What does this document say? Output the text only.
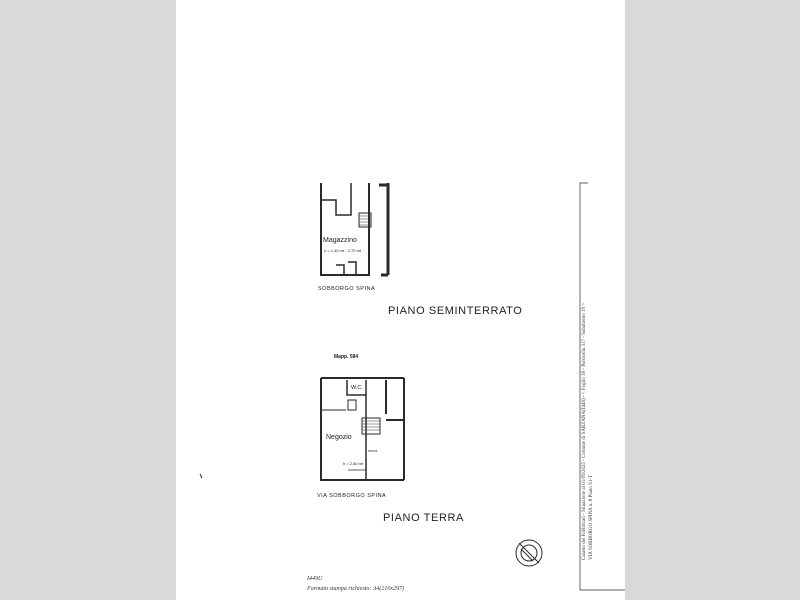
Magazzino
h = 1,40 mt - 2,70 mt
SOBBORGO SPINA
PIANO SEMINTERRATO
Mapp. 584
W.C.
Negozio
h = 2,80 mt
mont.
VIA SOBBORGO SPINA
PIANO TERRA
I449U
Formato stampa richiesto: A4(210x297)
Catasto dei Fabbricati - Situazione al 01/09/2025 - Comune di SARZANA(I449) - < Foglio 39 - Particella 317 - Subalterno 19 > VIA SOBBORGO SPINA n. 8 Piano S1-T
